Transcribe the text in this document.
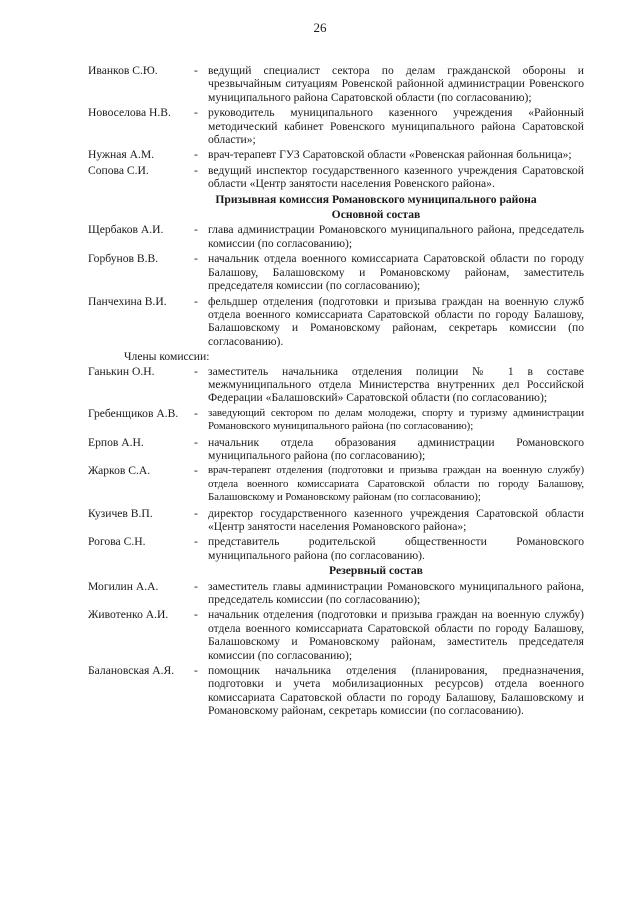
26
Иванков С.Ю.	- ведущий специалист сектора по делам гражданской обороны и чрезвычайным ситуациям Ровенской районной администрации Ровенского муниципального района Саратовской области (по согласованию);
Новоселова Н.В.	- руководитель муниципального казенного учреждения «Районный методический кабинет Ровенского муниципального района Саратовской области»;
Нужная А.М.	- врач-терапевт ГУЗ Саратовской области «Ровенская районная больница»;
Сопова С.И.	- ведущий инспектор государственного казенного учреждения Саратовской области «Центр занятости населения Ровенского района».
Призывная комиссия Романовского муниципального района
Основной состав
Щербаков А.И.	- глава администрации Романовского муниципального района, председатель комиссии (по согласованию);
Горбунов В.В.	- начальник отдела военного комиссариата Саратовской области по городу Балашову, Балашовскому и Романовскому районам, заместитель председателя комиссии (по согласованию);
Панчехина В.И.	- фельдшер отделения (подготовки и призыва граждан на военную служб отдела военного комиссариата Саратовской области по городу Балашову, Балашовскому и Романовскому районам, секретарь комиссии (по согласованию).
Члены комиссии:
Ганькин О.Н.	- заместитель начальника отделения полиции № 1 в составе межмуниципального отдела Министерства внутренних дел Российской Федерации «Балашовский» Саратовской области (по согласованию);
Гребенщиков А.В.	- заведующий сектором по делам молодежи, спорту и туризму администрации Романовского муниципального района (по согласованию);
Ерпов А.Н.	- начальник отдела образования администрации Романовского муниципального района (по согласованию);
Жарков С.А.	- врач-терапевт отделения (подготовки и призыва граждан на военную службу) отдела военного комиссариата Саратовской области по городу Балашову, Балашовскому и Романовскому районам (по согласованию);
Кузичев В.П.	- директор государственного казенного учреждения Саратовской области «Центр занятости населения Романовского района»;
Рогова С.Н.	- представитель родительской общественности Романовского муниципального района (по согласованию).
Резервный состав
Могилин А.А.	- заместитель главы администрации Романовского муниципального района, председатель комиссии (по согласованию);
Животенко А.И.	- начальник отделения (подготовки и призыва граждан на военную службу) отдела военного комиссариата Саратовской области по городу Балашову, Балашовскому и Романовскому районам, заместитель председателя комиссии (по согласованию);
Балановская А.Я.	- помощник начальника отделения (планирования, предназначения, подготовки и учета мобилизационных ресурсов) отдела военного комиссариата Саратовской области по городу Балашову, Балашовскому и Романовскому районам, секретарь комиссии (по согласованию).
